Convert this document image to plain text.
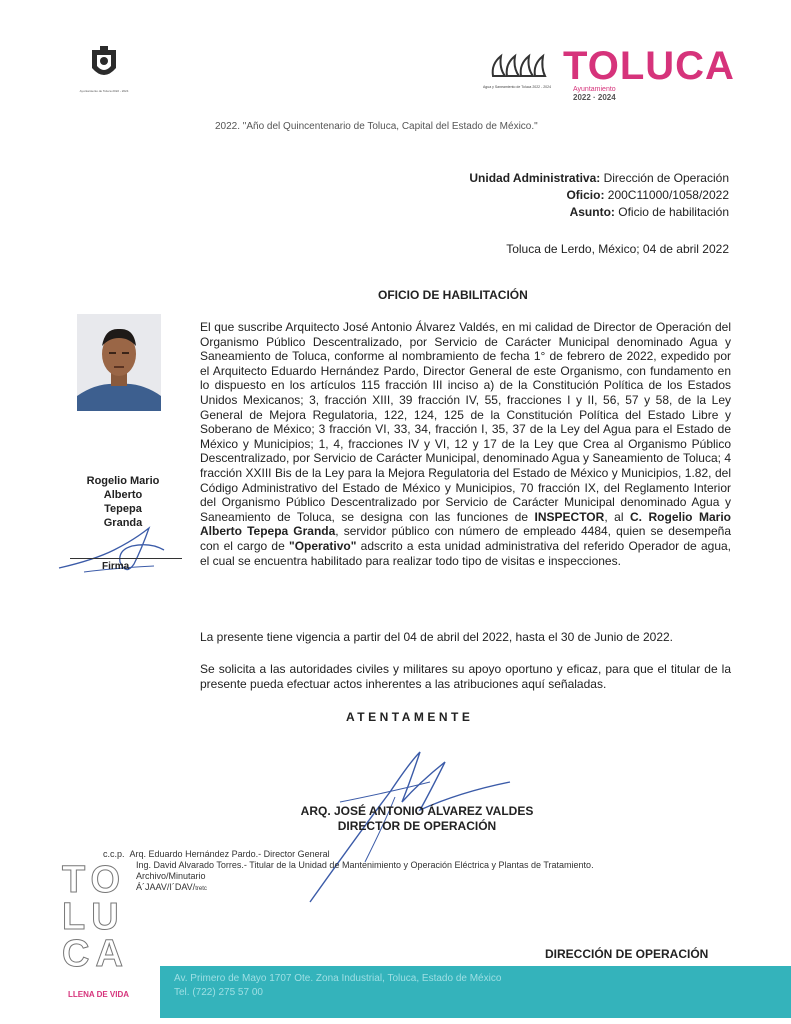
Ayuntamiento de Toluca 2022 - 2024
Agua y Saneamiento de Toluca 2022 - 2024 TOLUCA
Ayuntamiento
2022 · 2024
2022. "Año del Quincentenario de Toluca, Capital del Estado de México."
Unidad Administrativa: Dirección de Operación
Oficio: 200C11000/1058/2022
Asunto: Oficio de habilitación
Toluca de Lerdo, México; 04 de abril 2022
OFICIO DE HABILITACIÓN
Rogelio Mario
Alberto
Tepepa
Granda
Firma
El que suscribe Arquitecto José Antonio Álvarez Valdés, en mi calidad de Director de Operación del Organismo Público Descentralizado, por Servicio de Carácter Municipal denominado Agua y Saneamiento de Toluca, conforme al nombramiento de fecha 1° de febrero de 2022, expedido por el Arquitecto Eduardo Hernández Pardo, Director General de este Organismo, con fundamento en lo dispuesto en los artículos 115 fracción III inciso a) de la Constitución Política de los Estados Unidos Mexicanos; 3, fracción XIII, 39 fracción IV, 55, fracciones I y II, 56, 57 y 58, de la Ley General de Mejora Regulatoria, 122, 124, 125 de la Constitución Política del Estado Libre y Soberano de México; 3 fracción VI, 33, 34, fracción I, 35, 37 de la Ley del Agua para el Estado de México y Municipios; 1, 4, fracciones IV y VI, 12 y 17 de la Ley que Crea al Organismo Público Descentralizado, por Servicio de Carácter Municipal, denominado Agua y Saneamiento de Toluca; 4 fracción XXIII Bis de la Ley para la Mejora Regulatoria del Estado de México y Municipios, 1.82, del Código Administrativo del Estado de México y Municipios, 70 fracción IX, del Reglamento Interior del Organismo Público Descentralizado por Servicio de Carácter Municipal denominado Agua y Saneamiento de Toluca, se designa con las funciones de INSPECTOR, al C. Rogelio Mario Alberto Tepepa Granda, servidor público con número de empleado 4484, quien se desempeña con el cargo de "Operativo" adscrito a esta unidad administrativa del referido Operador de agua, el cual se encuentra habilitado para realizar todo tipo de visitas e inspecciones.
La presente tiene vigencia a partir del 04 de abril del 2022, hasta el 30 de Junio de 2022.
Se solicita a las autoridades civiles y militares su apoyo oportuno y eficaz, para que el titular de la presente pueda efectuar actos inherentes a las atribuciones aquí señaladas.
ATENTAMENTE
ARQ. JOSÉ ANTONIO ÁLVAREZ VALDES
DIRECTOR DE OPERACIÓN
c.c.p. Arq. Eduardo Hernández Pardo.- Director General
Ing. David Alvarado Torres.- Titular de la Unidad de Mantenimiento y Operación Eléctrica y Plantas de Tratamiento.
Archivo/Minutario
Á´JAAV/I´DAV/tretc
DIRECCIÓN DE OPERACIÓN
Av. Primero de Mayo 1707 Ote. Zona Industrial, Toluca, Estado de México
Tel. (722) 275 57 00
TO
LU
CA
LLENA DE VIDA
